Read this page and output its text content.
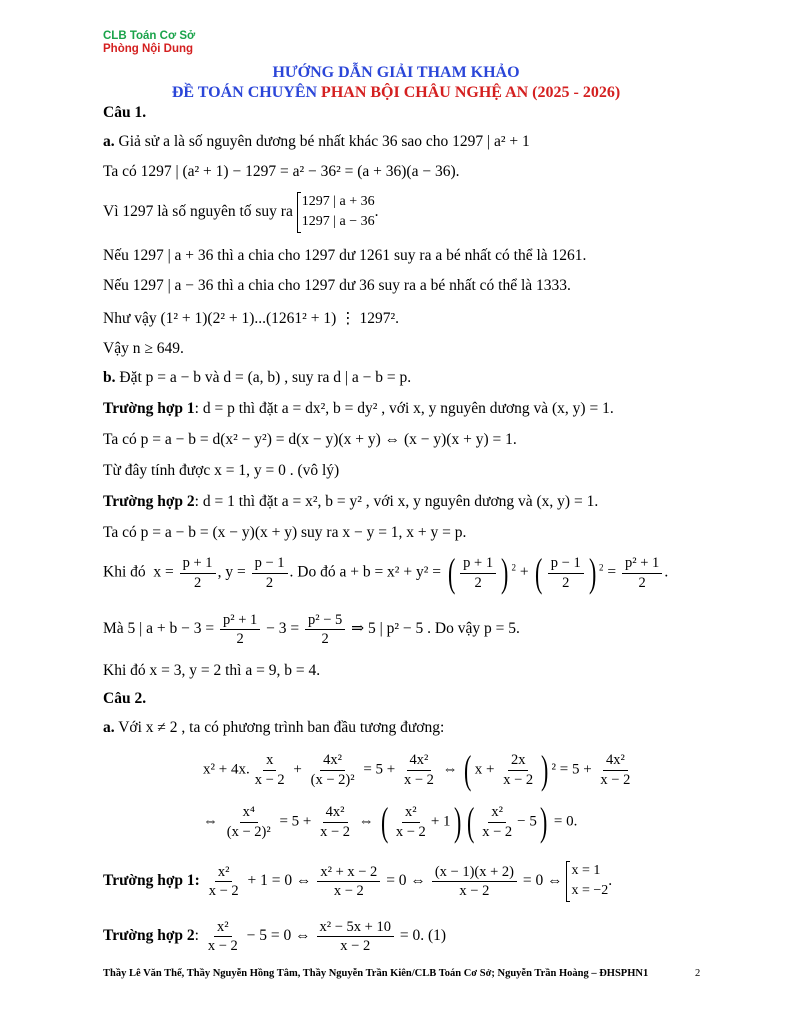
CLB Toán Cơ Sở
Phòng Nội Dung
HƯỚNG DẪN GIẢI THAM KHẢO
ĐỀ TOÁN CHUYÊN PHAN BỘI CHÂU NGHỆ AN (2025 - 2026)
Câu 1.
a. Giả sử a là số nguyên dương bé nhất khác 36 sao cho 1297 | a² + 1
Ta có 1297 | (a² + 1) − 1297 = a² − 36² = (a + 36)(a − 36).
Vì 1297 là số nguyên tố suy ra
1297 | a + 36
1297 | a − 36
.
Nếu 1297 | a + 36 thì a chia cho 1297 dư 1261 suy ra a bé nhất có thể là 1261.
Nếu 1297 | a − 36 thì a chia cho 1297 dư 36 suy ra a bé nhất có thể là 1333.
Như vậy (1² + 1)(2² + 1)...(1261² + 1) ⋮ 1297².
Vậy n ≥ 649.
b. Đặt p = a − b và d = (a, b) , suy ra d | a − b = p.
Trường hợp 1: d = p thì đặt a = dx², b = dy² , với x, y nguyên dương và (x, y) = 1.
Ta có p = a − b = d(x² − y²) = d(x − y)(x + y) ⇔ (x − y)(x + y) = 1.
Từ đây tính được x = 1, y = 0 . (vô lý)
Trường hợp 2: d = 1 thì đặt a = x², b = y² , với x, y nguyên dương và (x, y) = 1.
Ta có p = a − b = (x − y)(x + y) suy ra x − y = 1, x + y = p.
Khi đó $x = \frac{p + 1}{2}$ , $y = \frac{p - 1}{2}$ . Do đó a + b = x² + y² = ( $\frac{p + 1}{2}$ ) $^2$ + ( $\frac{p - 1}{2}$ ) $^2 = \frac{\text{p² + 1}}{2}$ .
Mà 5 | $a + b - 3 = \frac{\text{p² + 1}}{2} - 3 = \frac{\text{p² − 5}}{2}$ ⇒ 5 | p² − 5 . Do vậy p = 5.
Khi đó x = 3, y = 2 thì a = 9, b = 4.
Câu 2.
a. Với x ≠ 2 , ta có phương trình ban đầu tương đương:
x² + 4x. $\frac{x}{x - 2} + \frac{\text{4x²}}{\text{(x − 2)²}} = 5 + \frac{\text{4x²}}{x - 2}$ ⇔ ( $x + \frac{2x}{x - 2}$ ) $^2 = 5 + \frac{\text{4x²}}{x - 2}$
⇔ $\frac{\text{x⁴}}{\text{(x − 2)²}} = 5 + \frac{\text{4x²}}{x - 2}$ ⇔ ( $\frac{\text{x²}}{x - 2} + 1$) ( $\frac{\text{x²}}{x - 2} - 5) = 0$.
Trường hợp 1: $\frac{\text{x²}}{x - 2} + 1 = 0$ ⇔ $\frac{\text{x² + x − 2}}{x - 2} = 0$ ⇔ $\frac{(x - 1)(x + 2)}{x - 2} = 0$ ⇔
x = 1
x = −2
.
Trường hợp 2: $\frac{\text{x²}}{x - 2} - 5 = 0$ ⇔ $\frac{\text{x² − 5x + 10}}{x - 2} = 0$. (1)
Thầy Lê Văn Thể, Thầy Nguyễn Hồng Tâm, Thầy Nguyễn Trần Kiên/CLB Toán Cơ Sở; Nguyễn Trần Hoàng – ĐHSPHN1	2
